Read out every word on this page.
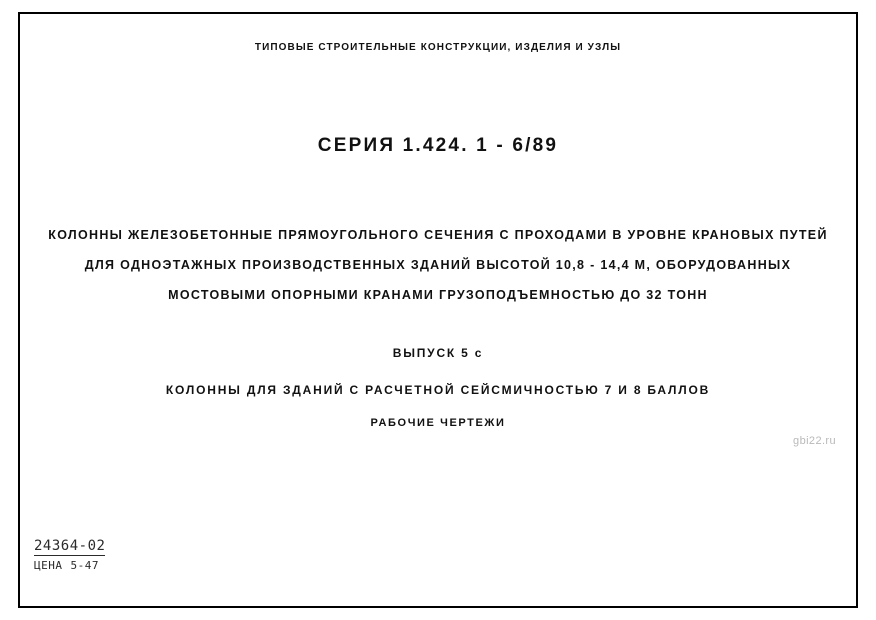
ТИПОВЫЕ СТРОИТЕЛЬНЫЕ КОНСТРУКЦИИ, ИЗДЕЛИЯ И УЗЛЫ
СЕРИЯ 1.424. 1 - 6/89
КОЛОННЫ ЖЕЛЕЗОБЕТОННЫЕ ПРЯМОУГОЛЬНОГО СЕЧЕНИЯ С ПРОХОДАМИ В УРОВНЕ КРАНОВЫХ ПУТЕЙ
ДЛЯ ОДНОЭТАЖНЫХ ПРОИЗВОДСТВЕННЫХ ЗДАНИЙ ВЫСОТОЙ 10,8 - 14,4 М, ОБОРУДОВАННЫХ
МОСТОВЫМИ ОПОРНЫМИ КРАНАМИ ГРУЗОПОДЪЕМНОСТЬЮ ДО 32 ТОНН
ВЫПУСК 5 с
КОЛОННЫ ДЛЯ ЗДАНИЙ С РАСЧЕТНОЙ СЕЙСМИЧНОСТЬЮ 7 И 8 БАЛЛОВ
РАБОЧИЕ ЧЕРТЕЖИ
gbi22.ru
24364-02
ЦЕНА 5-47
